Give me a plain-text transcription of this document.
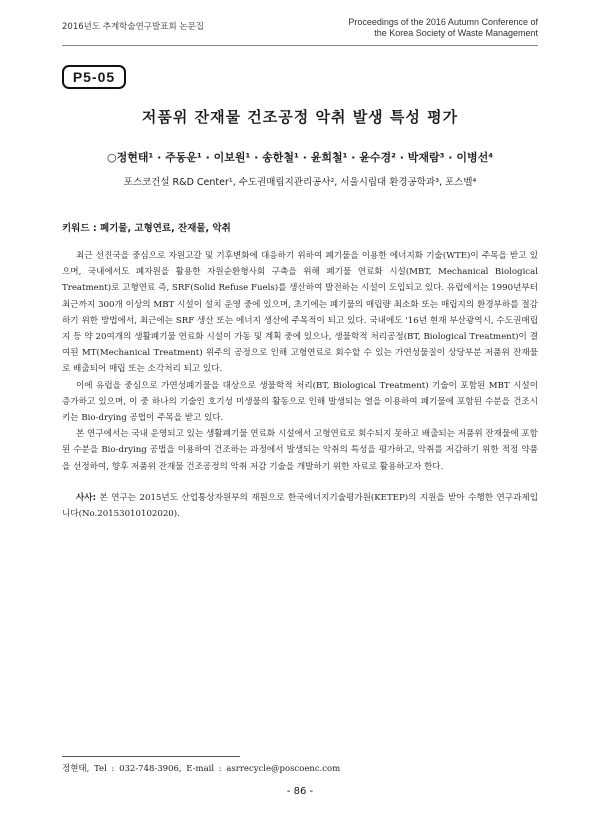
2016년도 추계학술연구발표회 논문집	Proceedings of the 2016 Autumn Conference of
the Korea Society of Waste Management
P5-05
저품위 잔재물 건조공정 악취 발생 특성 평가
○정현태¹ · 주동운¹ · 이보원¹ · 송한철¹ · 윤희철¹ · 윤수경² · 박재람³ · 이병선⁴
포스코건설 R&D Center¹, 수도권매립지관리공사², 서울시립대 환경공학과³, 포스벨⁴
키워드 : 폐기물, 고형연료, 잔재물, 악취

최근 선진국을 중심으로 자원고갈 및 기후변화에 대응하기 위하여 폐기물을 이용한 에너지화 기술(WTE)이 주목을 받고 있으며, 국내에서도 폐자원을 활용한 자원순환형사회 구축을 위해 폐기물 연료화 시설(MBT, Mechanical Biological Treatment)로 고형연료 즉, SRF(Solid Refuse Fuels)를 생산하여 발전하는 시설이 도입되고 있다. 유럽에서는 1990년부터 최근까지 300개 이상의 MBT 시설이 설치 운영 중에 있으며, 초기에는 폐기물의 매립량 최소화 또는 매립지의 환경부하를 절감하기 위한 방법에서, 최근에는 SRF 생산 또는 에너지 생산에 주목적이 되고 있다. 국내에도 '16년 현재 부산광역시, 수도권매립지 등 약 20여개의 생활폐기물 연료화 시설이 가동 및 계획 중에 있으나, 생물학적 처리공정(BT, Biological Treatment)이 결여된 MT(Mechanical Treatment) 위주의 공정으로 인해 고형연료로 회수할 수 있는 가연성물질이 상당부분 저품위 잔재물로 배출되어 매립 또는 소각처리 되고 있다.

이에 유럽을 중심으로 가연성폐기물을 대상으로 생물학적 처리(BT, Biological Treatment) 기술이 포함된 MBT 시설이 증가하고 있으며, 이 중 하나의 기술인 호기성 미생물의 활동으로 인해 발생되는 열을 이용하여 폐기물에 포함된 수분을 건조시키는 Bio-drying 공법이 주목을 받고 있다.

본 연구에서는 국내 운영되고 있는 생활폐기물 연료화 시설에서 고형연료로 회수되지 못하고 배출되는 저품위 잔재물에 포함된 수분을 Bio-drying 공법을 이용하여 건조하는 과정에서 발생되는 악취의 특성을 평가하고, 악취를 저감하기 위한 적정 약품을 선정하여, 향후 저품위 잔재물 건조공정의 악취 저감 기술을 개발하기 위한 자료로 활용하고자 한다.

사사: 본 연구는 2015년도 산업통상자원부의 재원으로 한국에너지기술평가원(KETEP)의 지원을 받아 수행한 연구과제입니다(No.20153010102020).

정현태, Tel : 032-748-3906, E-mail : asrrecycle@poscoenc.com
- 86 -
